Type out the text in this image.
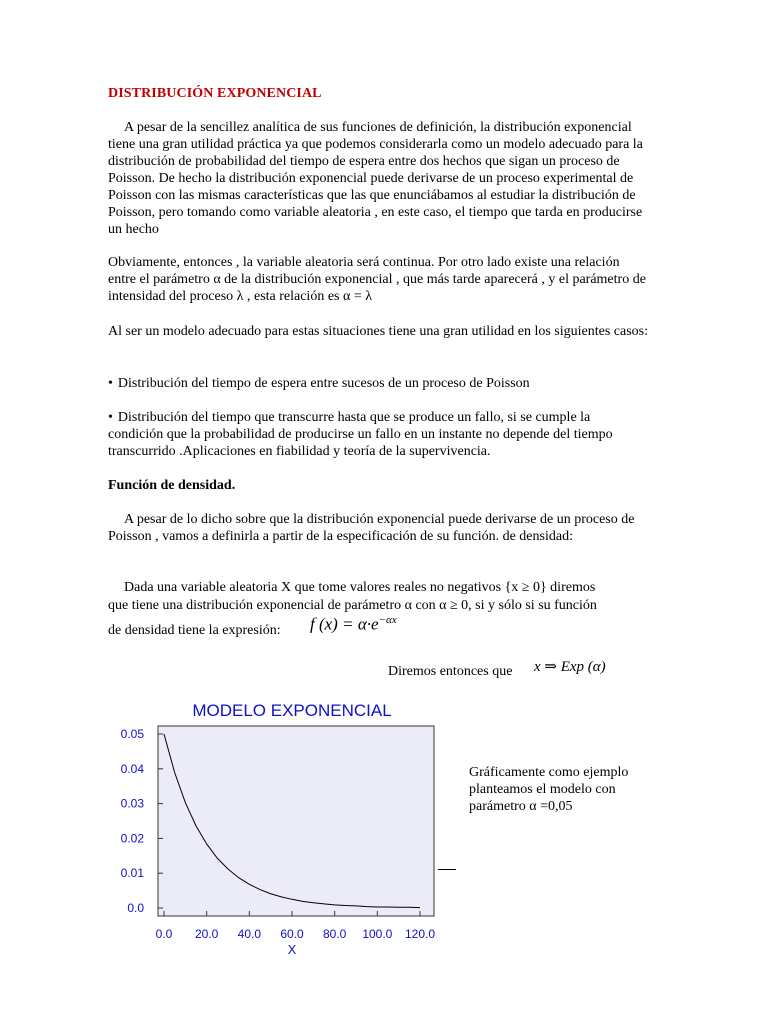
DISTRIBUCIÓN EXPONENCIAL

A pesar de la sencillez analítica de sus funciones de definición, la distribución exponencial tiene una gran utilidad práctica ya que podemos considerarla como un modelo adecuado para la distribución de probabilidad del tiempo de espera entre dos hechos que sigan un proceso de Poisson. De hecho la distribución exponencial puede derivarse de un proceso experimental de Poisson con las mismas características que las que enunciábamos al estudiar la distribución de Poisson, pero tomando como variable aleatoria , en este caso, el tiempo que tarda en producirse un hecho

Obviamente, entonces , la variable aleatoria será continua. Por otro lado existe una relación entre el parámetro α de la distribución exponencial , que más tarde aparecerá , y el parámetro de intensidad del proceso λ , esta relación es α = λ

Al ser un modelo adecuado para estas situaciones tiene una gran utilidad en los siguientes casos:

• Distribución del tiempo de espera entre sucesos de un proceso de Poisson

• Distribución del tiempo que transcurre hasta que se produce un fallo, si se cumple la condición que la probabilidad de producirse un fallo en un instante no depende del tiempo transcurrido .Aplicaciones en fiabilidad y teoría de la supervivencia.

Función de densidad.

A pesar de lo dicho sobre que la distribución exponencial puede derivarse de un proceso de Poisson , vamos a definirla a partir de la especificación de su función. de densidad:

Dada una variable aleatoria X que tome valores reales no negativos {x ≥ 0} diremos

que tiene una distribución exponencial de parámetro α con α ≥ 0, si y sólo si su función

de densidad tiene la expresión:	f $(x) = \alpha\cdot e^{-\alpha x}$
Diremos entonces que	x ⇒ Exp (α)
MODELO EXPONENCIAL
0.0
0.01
0.02
0.03
0.04
0.05
0.0 20.0 40.0 60.0 80.0 100.0 120.0
X
Gráficamente como ejemplo planteamos el modelo con parámetro α =0,05
